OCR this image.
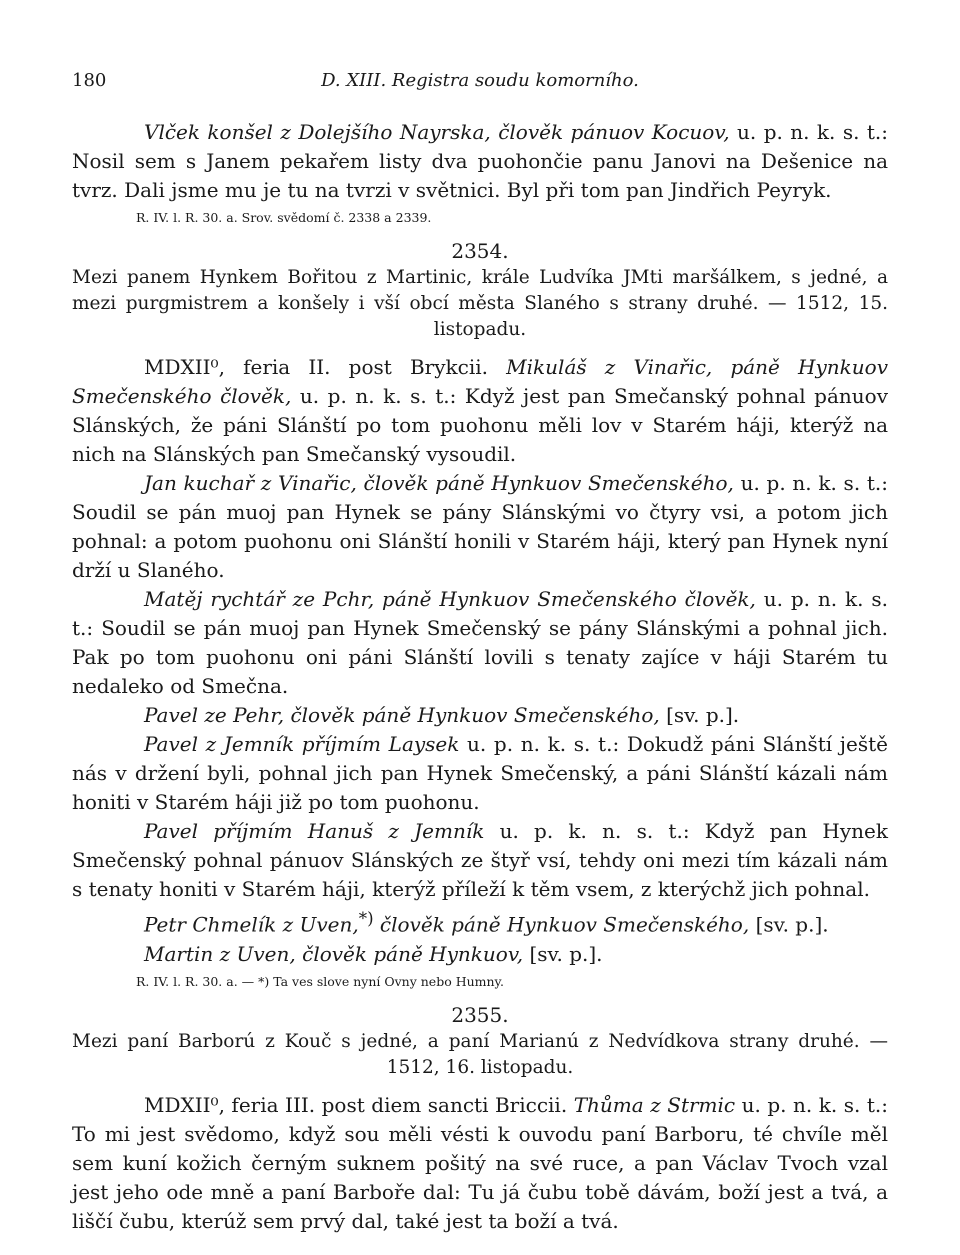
180	D. XIII. Registra soudu komorního.

Vlček konšel z Dolejšího Nayrska, člověk pánuov Kocuov, u. p. n. k. s. t.: Nosil sem s Janem pekařem listy dva puohončie panu Janovi na Dešenice na tvrz. Dali jsme mu je tu na tvrzi v světnici. Byl při tom pan Jindřich Peyryk.

R. IV. l. R. 30. a. Srov. svědomí č. 2338 a 2339.
2354.
Mezi panem Hynkem Bořitou z Martinic, krále Ludvíka JMti maršálkem, s jedné, a mezi purgmistrem a konšely i vší obcí města Slaného s strany druhé. — 1512, 15. listopadu.

MDXII⁰, feria II. post Brykcii. Mikuláš z Vinařic, páně Hynkuov Smečenského člověk, u. p. n. k. s. t.: Když jest pan Smečanský pohnal pánuov Slánských, že páni Slánští po tom puohonu měli lov v Starém háji, kterýž na nich na Slánských pan Smečanský vysoudil.

Jan kuchař z Vinařic, člověk páně Hynkuov Smečenského, u. p. n. k. s. t.: Soudil se pán muoj pan Hynek se pány Slánskými vo čtyry vsi, a potom jich pohnal: a potom puohonu oni Slánští honili v Starém háji, který pan Hynek nyní drží u Slaného.

Matěj rychtář ze Pchr, páně Hynkuov Smečenského člověk, u. p. n. k. s. t.: Soudil se pán muoj pan Hynek Smečenský se pány Slánskými a pohnal jich. Pak po tom puohonu oni páni Slánští lovili s tenaty zajíce v háji Starém tu nedaleko od Smečna.

Pavel ze Pehr, člověk páně Hynkuov Smečenského, [sv. p.].

Pavel z Jemník příjmím Laysek u. p. n. k. s. t.: Dokudž páni Slánští ještě nás v držení byli, pohnal jich pan Hynek Smečenský, a páni Slánští kázali nám honiti v Starém háji již po tom puohonu.

Pavel příjmím Hanuš z Jemník u. p. k. n. s. t.: Když pan Hynek Smečenský pohnal pánuov Slánských ze štyř vsí, tehdy oni mezi tím kázali nám s tenaty honiti v Starém háji, kterýž příleží k těm vsem, z kterýchž jich pohnal.

Petr Chmelík z Uven,*) člověk páně Hynkuov Smečenského, [sv. p.].

Martin z Uven, člověk páně Hynkuov, [sv. p.].

R. IV. l. R. 30. a. — *) Ta ves slove nyní Ovny nebo Humny.
2355.
Mezi paní Barború z Kouč s jedné, a paní Marianú z Nedvídkova strany druhé. — 1512, 16. listopadu.

MDXII⁰, feria III. post diem sancti Briccii. Thůma z Strmic u. p. n. k. s. t.: To mi jest svědomo, když sou měli vésti k ouvodu paní Barboru, té chvíle měl sem kuní kožich černým suknem pošitý na své ruce, a pan Václav Tvoch vzal jest jeho ode mně a paní Barboře dal: Tu já čubu tobě dávám, boží jest a tvá, a liščí čubu, kterúž sem prvý dal, také jest ta boží a tvá.
